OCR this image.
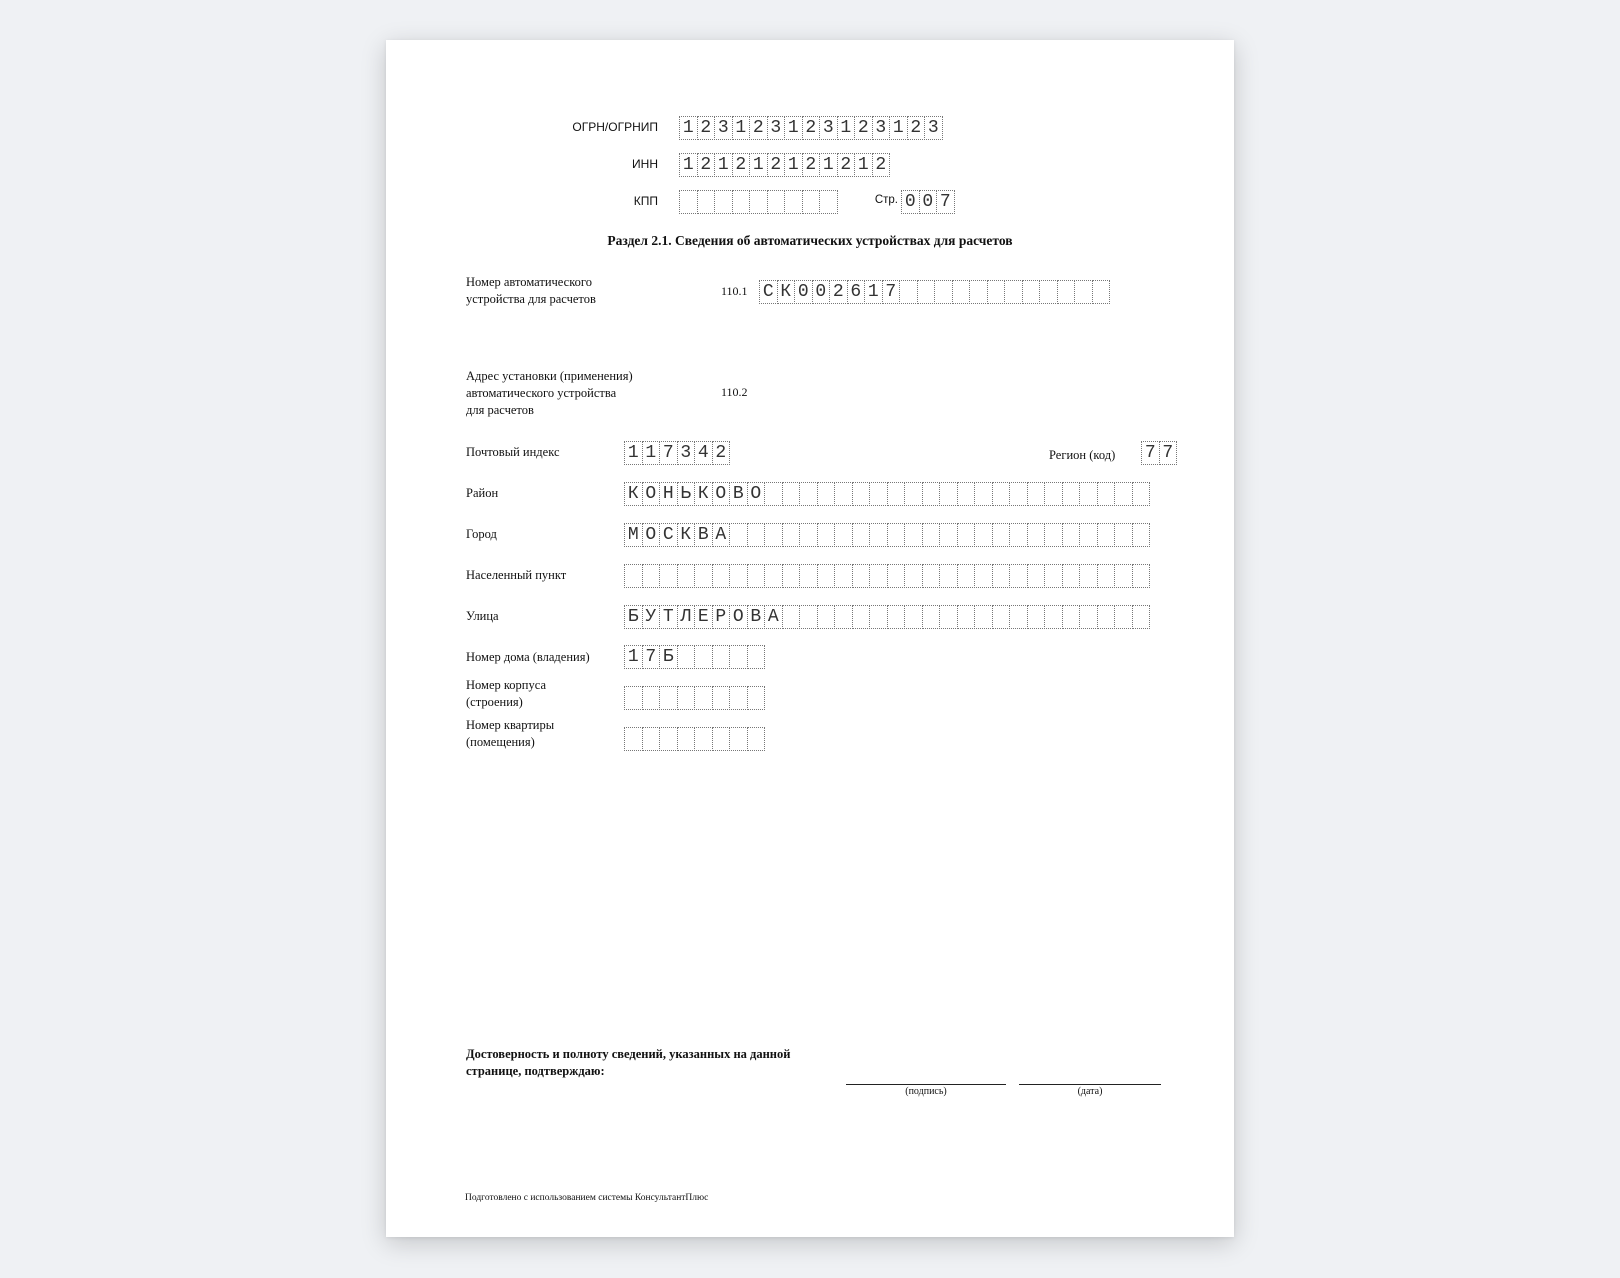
ОГРН/ОГРНИП 1 2 3 1 2 3 1 2 3 1 2 3 1 2 3
ИНН 1 2 1 2 1 2 1 2 1 2 1 2
КПП	Стр. 0 0 7
Раздел 2.1. Сведения об автоматических устройствах для расчетов
Номер автоматического
устройства для расчетов
110.1 С К 0 0 2 6 1 7
Адрес установки (применения)
автоматического устройства
для расчетов
110.2
Почтовый индекс	1 1 7 3 4 2	Регион (код) 7 7
Район	К О Н Ь К О В О
Город	М О С К В А
Населенный пункт
Улица	Б У Т Л Е Р О В А
Номер дома (владения) 1 7 Б
Номер корпуса
(строения)
Номер квартиры
(помещения)
Достоверность и полноту сведений, указанных на данной
странице, подтверждаю:
(подпись)	(дата)
Подготовлено с использованием системы КонсультантПлюс
